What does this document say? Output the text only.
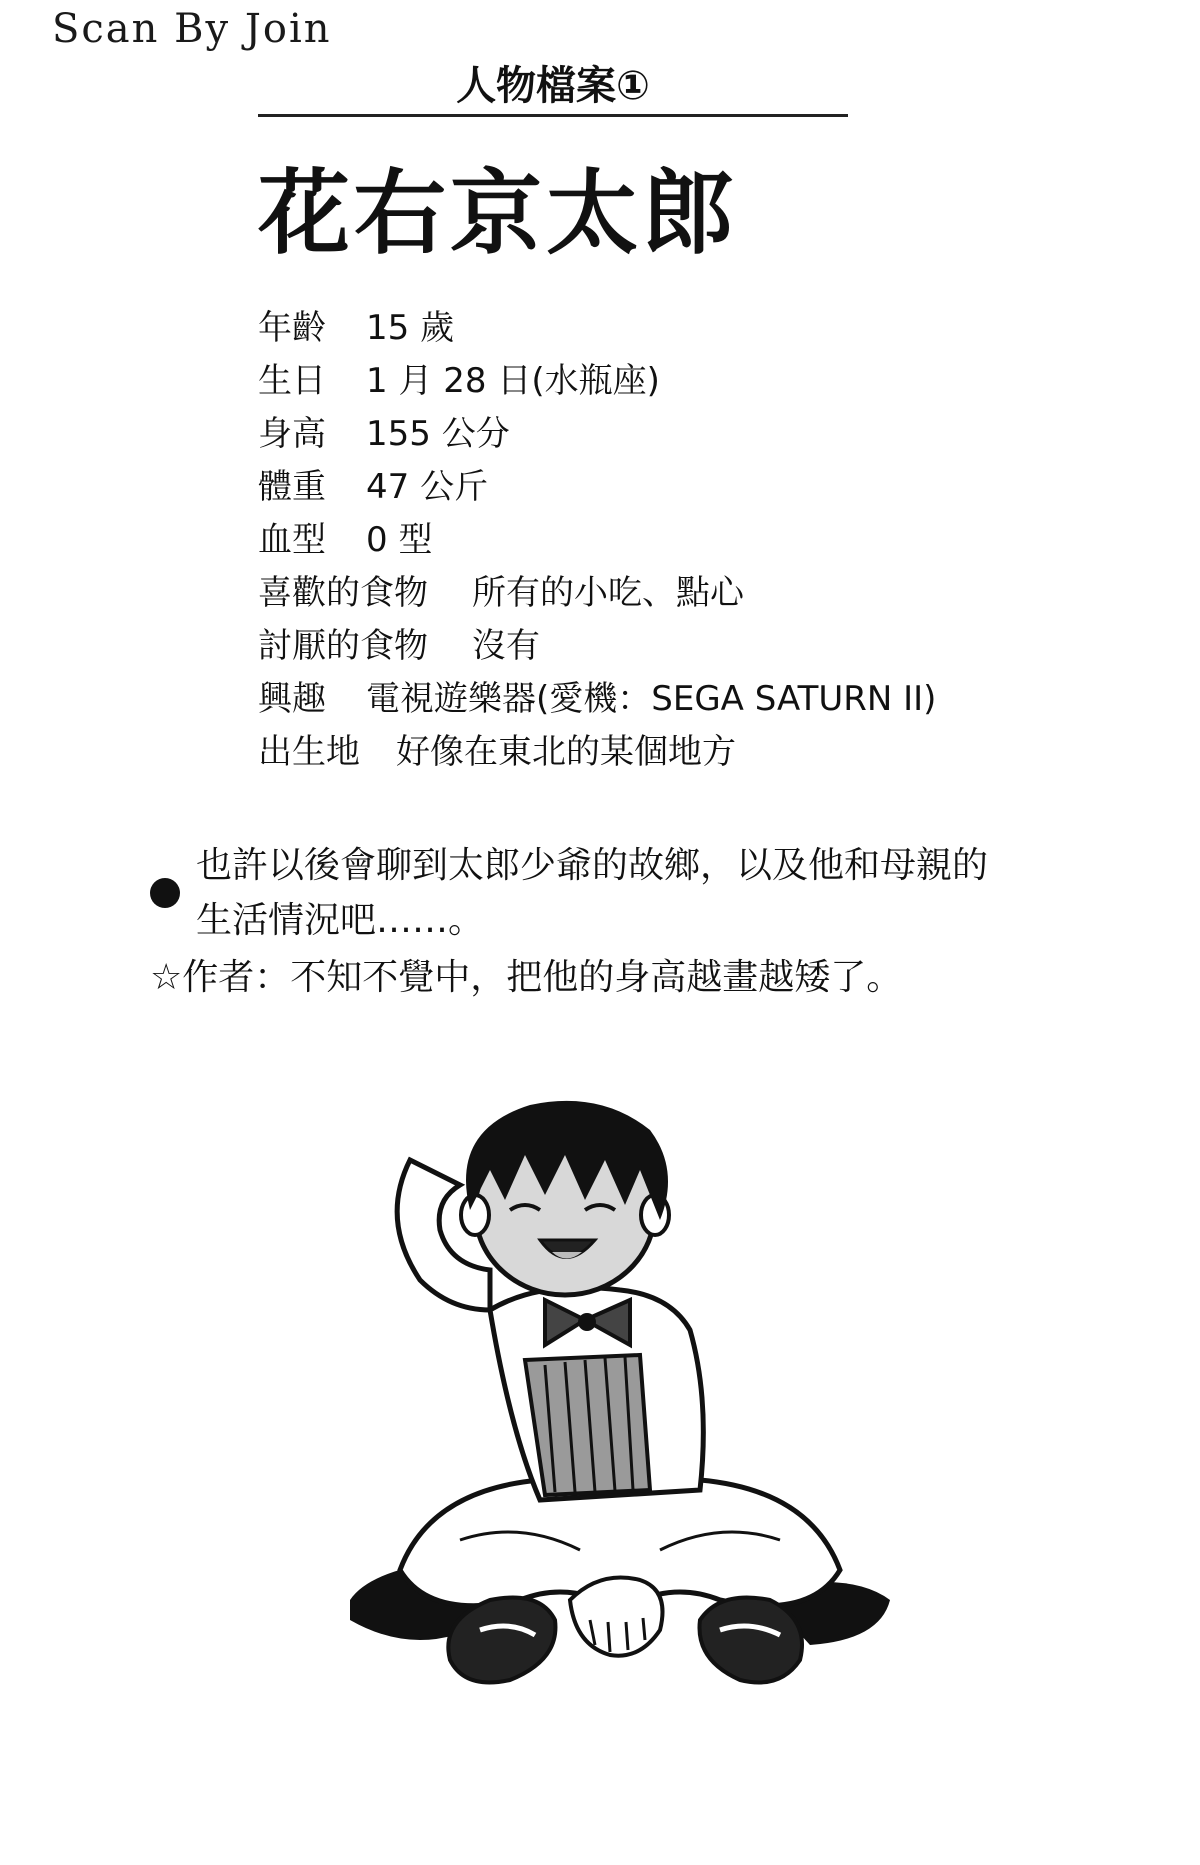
Scan By Join
人物檔案①
花右京太郎
年齡	15 歲
生日	1 月 28 日(水瓶座)
身高	155 公分
體重	47 公斤
血型	0 型
喜歡的食物	所有的小吃、點心
討厭的食物	沒有
興趣	電視遊樂器(愛機：SEGA SATURN II)
出生地	好像在東北的某個地方
也許以後會聊到太郎少爺的故鄉，以及他和母親的
生活情況吧……。
☆作者：不知不覺中，把他的身高越畫越矮了。
